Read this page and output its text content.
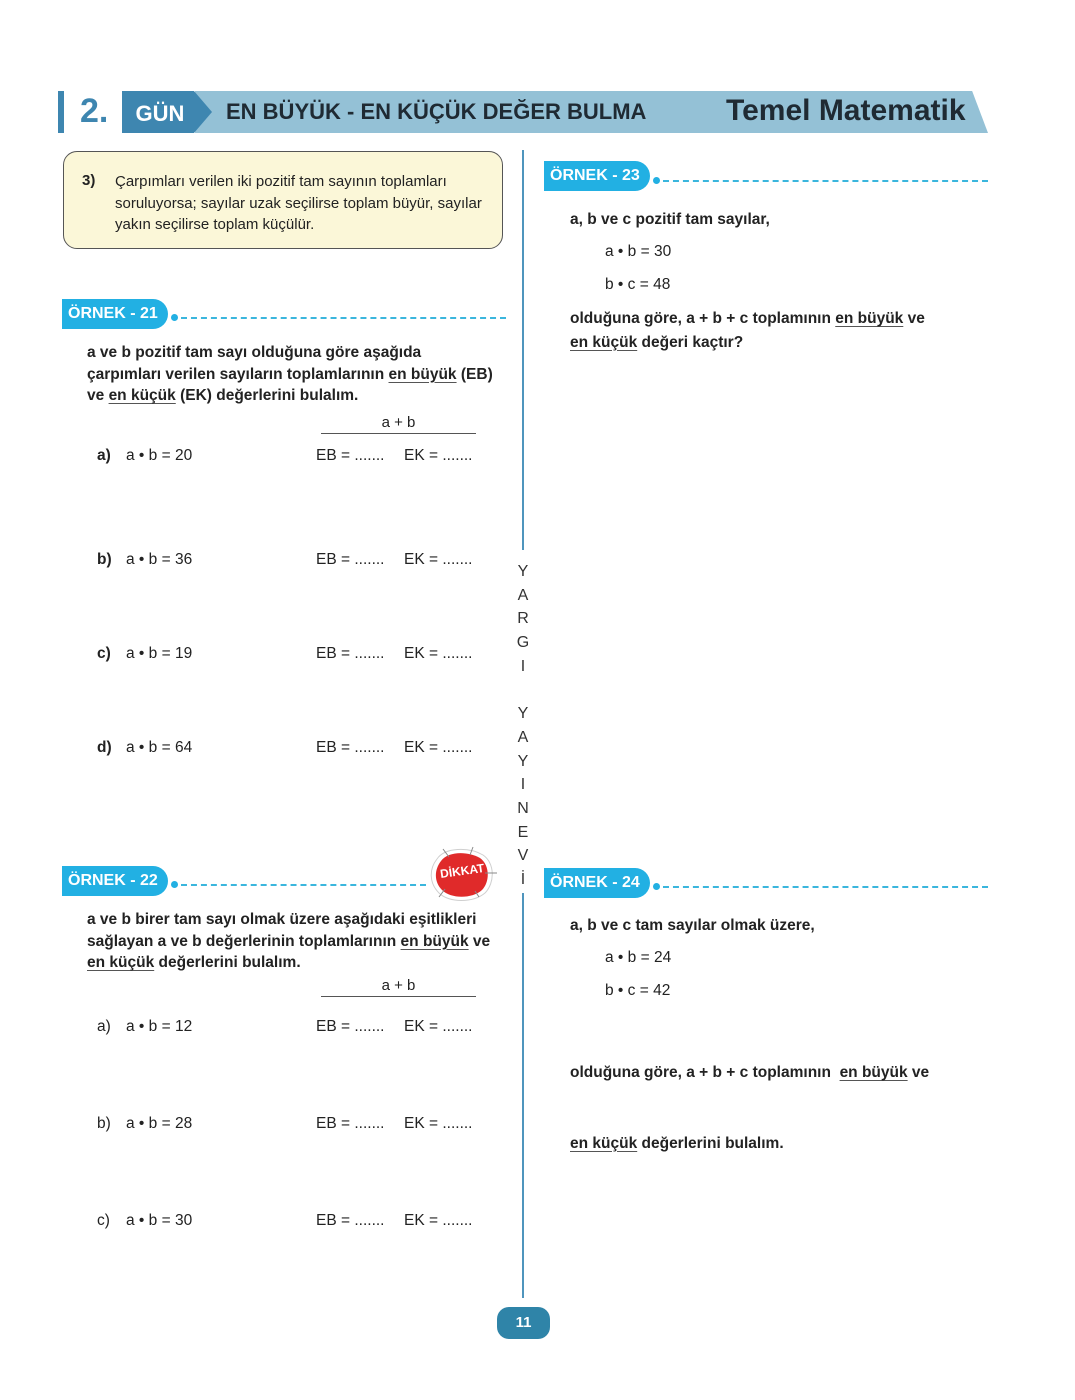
2.	GÜN	EN BÜYÜK - EN KÜÇÜK DEĞER BULMA	Temel Matematik
Y
A
R
G
I

Y
A
Y
I
N
E
V
İ
3) Çarpımları verilen iki pozitif tam sayının toplamları soruluyorsa; sayılar uzak seçilirse toplam büyür, sayılar yakın seçilirse toplam küçülür.
ÖRNEK - 21
a ve b pozitif tam sayı olduğuna göre aşağıda
çarpımları verilen sayıların toplamlarının en büyük (EB)
ve en küçük (EK) değerlerini bulalım.
a + b
a) a • b = 20	EB = ....... EK = .......
b) a • b = 36	EB = ....... EK = .......
c) a • b = 19	EB = ....... EK = .......
d) a • b = 64	EB = ....... EK = .......
ÖRNEK - 22	DİKKAT
a ve b birer tam sayı olmak üzere aşağıdaki eşitlikleri
sağlayan a ve b değerlerinin toplamlarının en büyük ve
en küçük değerlerini bulalım.
a + b
a) a • b = 12	EB = ....... EK = .......
b) a • b = 28	EB = ....... EK = .......
c) a • b = 30	EB = ....... EK = .......
ÖRNEK - 23
a, b ve c pozitif tam sayılar,
a • b = 30
b • c = 48
olduğuna göre, a + b + c toplamının en büyük ve
en küçük değeri kaçtır?
ÖRNEK - 24
a, b ve c tam sayılar olmak üzere,
a • b = 24
b • c = 42

olduğuna göre, a + b + c toplamının  en büyük ve

en küçük değerlerini bulalım.

11
